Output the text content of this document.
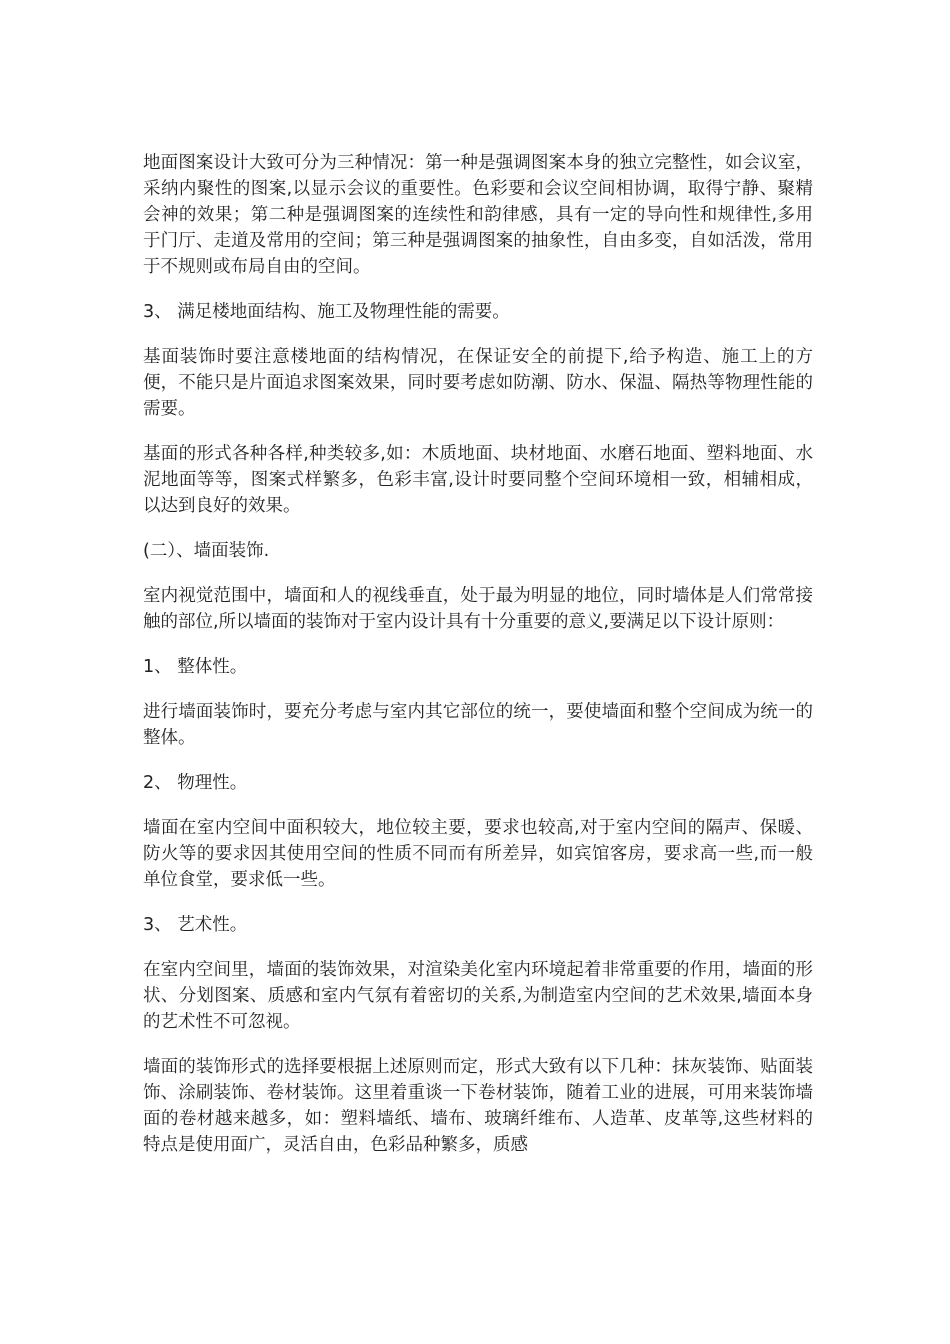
地面图案设计大致可分为三种情况：第一种是强调图案本身的独立完整性，如会议室，采纳内聚性的图案,以显示会议的重要性。色彩要和会议空间相协调，取得宁静、聚精会神的效果；第二种是强调图案的连续性和韵律感，具有一定的导向性和规律性,多用于门厅、走道及常用的空间；第三种是强调图案的抽象性，自由多变，自如活泼，常用于不规则或布局自由的空间。

3、 满足楼地面结构、施工及物理性能的需要。

基面装饰时要注意楼地面的结构情况，在保证安全的前提下,给予构造、施工上的方便，不能只是片面追求图案效果，同时要考虑如防潮、防水、保温、隔热等物理性能的需要。

基面的形式各种各样,种类较多,如：木质地面、块材地面、水磨石地面、塑料地面、水泥地面等等，图案式样繁多，色彩丰富,设计时要同整个空间环境相一致，相辅相成，以达到良好的效果。

(二）、墙面装饰.

室内视觉范围中，墙面和人的视线垂直，处于最为明显的地位，同时墙体是人们常常接触的部位,所以墙面的装饰对于室内设计具有十分重要的意义,要满足以下设计原则：

1、 整体性。

进行墙面装饰时，要充分考虑与室内其它部位的统一，要使墙面和整个空间成为统一的整体。

2、 物理性。

墙面在室内空间中面积较大，地位较主要，要求也较高,对于室内空间的隔声、保暖、防火等的要求因其使用空间的性质不同而有所差异，如宾馆客房，要求高一些,而一般单位食堂，要求低一些。

3、 艺术性。

在室内空间里，墙面的装饰效果，对渲染美化室内环境起着非常重要的作用，墙面的形状、分划图案、质感和室内气氛有着密切的关系,为制造室内空间的艺术效果,墙面本身的艺术性不可忽视。

墙面的装饰形式的选择要根据上述原则而定，形式大致有以下几种：抹灰装饰、贴面装饰、涂刷装饰、卷材装饰。这里着重谈一下卷材装饰，随着工业的进展，可用来装饰墙面的卷材越来越多，如：塑料墙纸、墙布、玻璃纤维布、人造革、皮革等,这些材料的特点是使用面广，灵活自由，色彩品种繁多，质感
